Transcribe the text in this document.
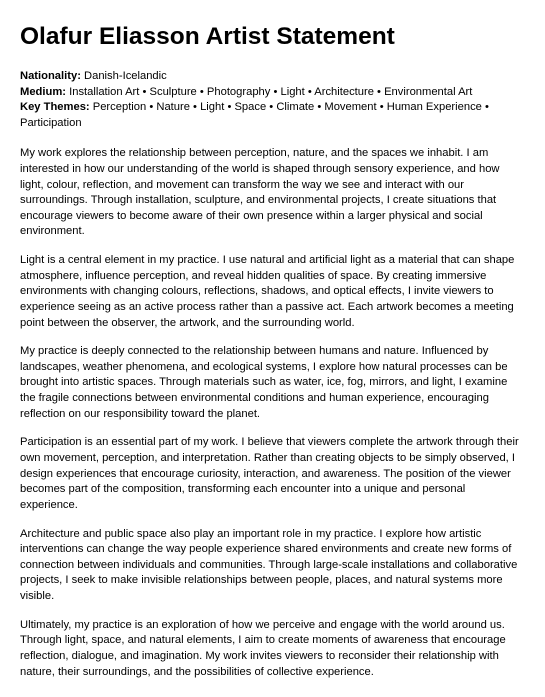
Olafur Eliasson Artist Statement
Nationality: Danish-Icelandic
Medium: Installation Art • Sculpture • Photography • Light • Architecture • Environmental Art
Key Themes: Perception • Nature • Light • Space • Climate • Movement • Human Experience • Participation

My work explores the relationship between perception, nature, and the spaces we inhabit. I am interested in how our understanding of the world is shaped through sensory experience, and how light, colour, reflection, and movement can transform the way we see and interact with our surroundings. Through installation, sculpture, and environmental projects, I create situations that encourage viewers to become aware of their own presence within a larger physical and social environment.

Light is a central element in my practice. I use natural and artificial light as a material that can shape atmosphere, influence perception, and reveal hidden qualities of space. By creating immersive environments with changing colours, reflections, shadows, and optical effects, I invite viewers to experience seeing as an active process rather than a passive act. Each artwork becomes a meeting point between the observer, the artwork, and the surrounding world.

My practice is deeply connected to the relationship between humans and nature. Influenced by landscapes, weather phenomena, and ecological systems, I explore how natural processes can be brought into artistic spaces. Through materials such as water, ice, fog, mirrors, and light, I examine the fragile connections between environmental conditions and human experience, encouraging reflection on our responsibility toward the planet.

Participation is an essential part of my work. I believe that viewers complete the artwork through their own movement, perception, and interpretation. Rather than creating objects to be simply observed, I design experiences that encourage curiosity, interaction, and awareness. The position of the viewer becomes part of the composition, transforming each encounter into a unique and personal experience.

Architecture and public space also play an important role in my practice. I explore how artistic interventions can change the way people experience shared environments and create new forms of connection between individuals and communities. Through large-scale installations and collaborative projects, I seek to make invisible relationships between people, places, and natural systems more visible.

Ultimately, my practice is an exploration of how we perceive and engage with the world around us. Through light, space, and natural elements, I aim to create moments of awareness that encourage reflection, dialogue, and imagination. My work invites viewers to reconsider their relationship with nature, their surroundings, and the possibilities of collective experience.
